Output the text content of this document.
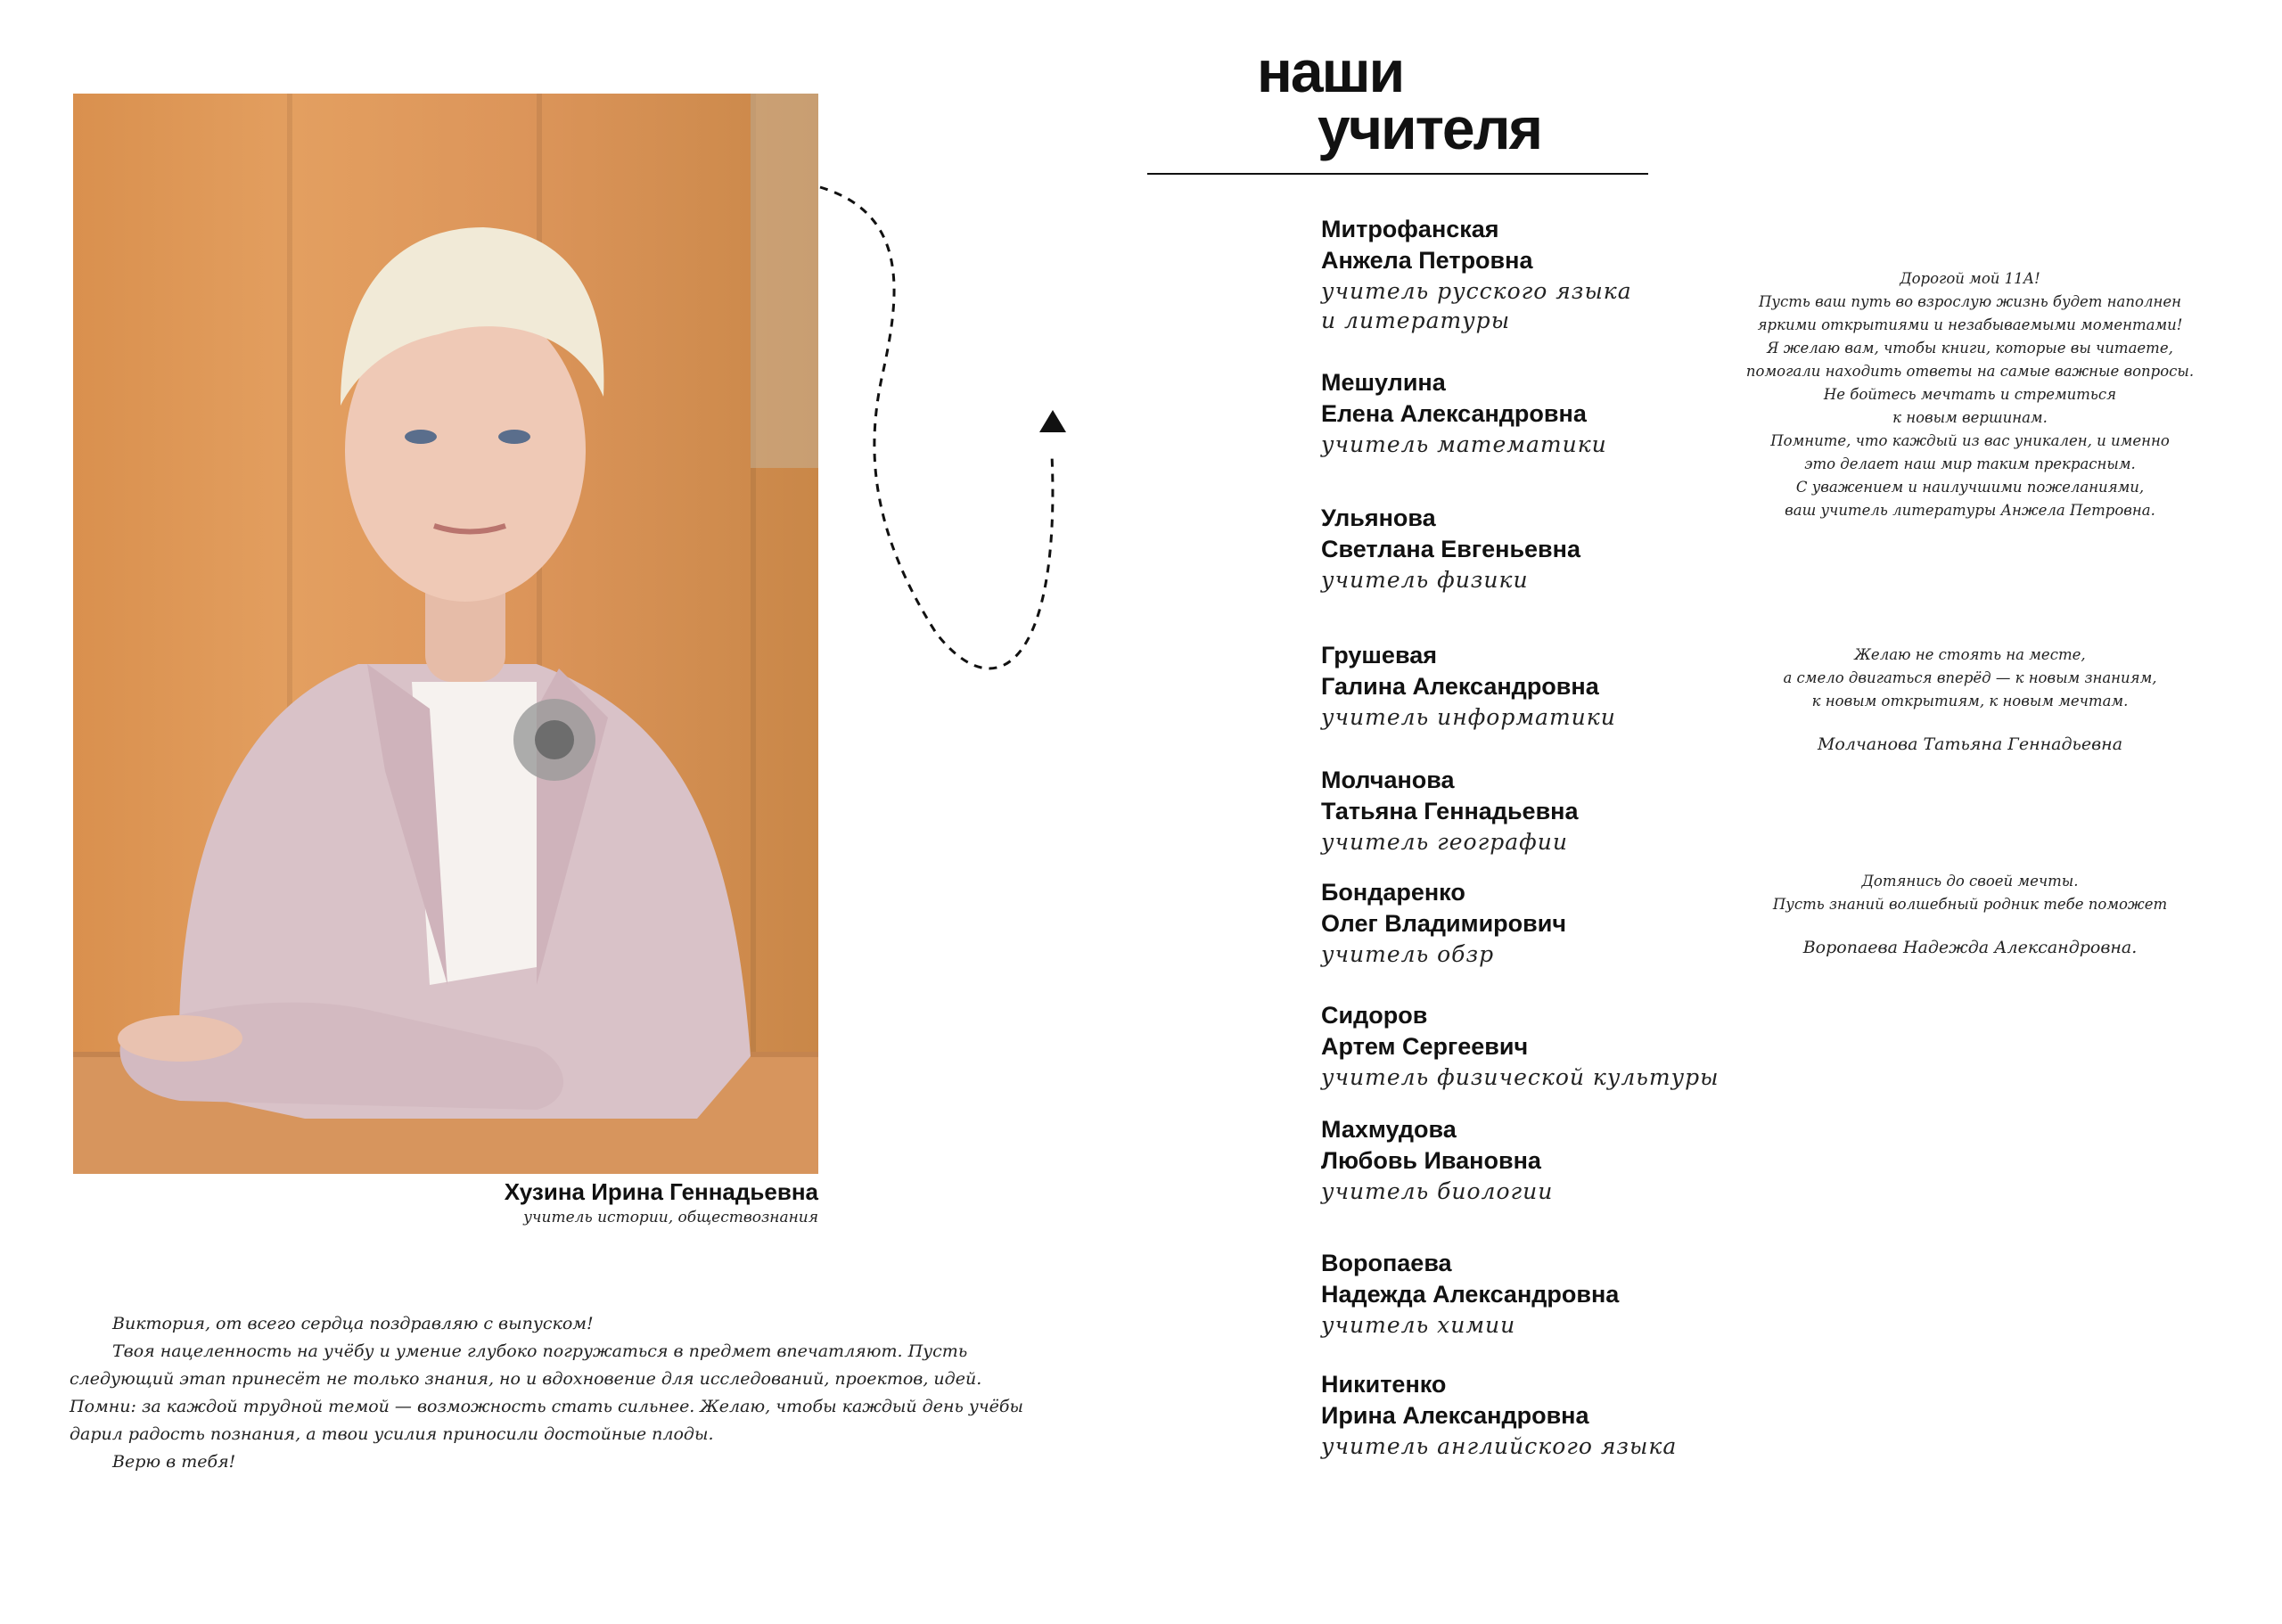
Хузина Ирина Геннадьевна
учитель истории, обществознания

Виктория, от всего сердца поздравляю с выпуском!

Твоя нацеленность на учёбу и умение глубоко погружаться в предмет впечатляют. Пусть следующий этап принесёт не только знания, но и вдохновение для исследований, проектов, идей. Помни: за каждой трудной темой — возможность стать сильнее. Желаю, чтобы каждый день учёбы дарил радость познания, а твои усилия приносили достойные плоды.

Верю в тебя!

наши
учителя
Митрофанская
Анжела Петровна
учитель русского языка и литературы
Мешулина
Елена Александровна
учитель математики
Ульянова
Светлана Евгеньевна
учитель физики
Грушевая
Галина Александровна
учитель информатики
Молчанова
Татьяна Геннадьевна
учитель географии
Бондаренко
Олег Владимирович
учитель обзр
Сидоров
Артем Сергеевич
учитель физической культуры
Махмудова
Любовь Ивановна
учитель биологии
Воропаева
Надежда Александровна
учитель химии
Никитенко
Ирина Александровна
учитель английского языка

Дорогой мой 11А!

Пусть ваш путь во взрослую жизнь будет наполнен

яркими открытиями и незабываемыми моментами!

Я желаю вам, чтобы книги, которые вы читаете,

помогали находить ответы на самые важные вопросы.

Не бойтесь мечтать и стремиться

к новым вершинам.

Помните, что каждый из вас уникален, и именно

это делает наш мир таким прекрасным.

С уважением и наилучшими пожеланиями,

ваш учитель литературы Анжела Петровна.

Желаю не стоять на месте,

а смело двигаться вперёд — к новым знаниям,

к новым открытиям, к новым мечтам.

Молчанова Татьяна Геннадьевна

Дотянись до своей мечты.

Пусть знаний волшебный родник тебе поможет

Воропаева Надежда Александровна.
